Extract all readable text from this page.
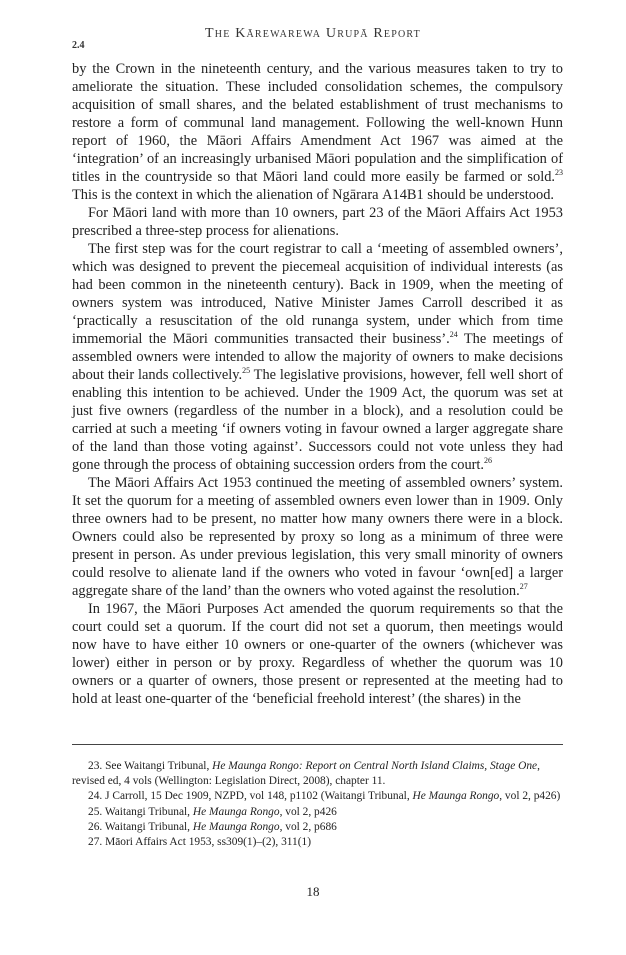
The Kārewarewa Urupā Report
2.4

by the Crown in the nineteenth century, and the various measures taken to try to ameliorate the situation. These included consolidation schemes, the compulsory acquisition of small shares, and the belated establishment of trust mechanisms to restore a form of communal land management. Following the well-known Hunn report of 1960, the Māori Affairs Amendment Act 1967 was aimed at the ‘integration’ of an increasingly urbanised Māori population and the simplification of titles in the countryside so that Māori land could more easily be farmed or sold.$^{23}$ This is the context in which the alienation of Ngārara A14B1 should be understood.

For Māori land with more than 10 owners, part 23 of the Māori Affairs Act 1953 prescribed a three-step process for alienations.

The first step was for the court registrar to call a ‘meeting of assembled owners’, which was designed to prevent the piecemeal acquisition of individual interests (as had been common in the nineteenth century). Back in 1909, when the meeting of owners system was introduced, Native Minister James Carroll described it as ‘practically a resuscitation of the old runanga system, under which from time immemorial the Māori communities transacted their business’.$^{24}$ The meetings of assembled owners were intended to allow the majority of owners to make decisions about their lands collectively.$^{25}$ The legislative provisions, however, fell well short of enabling this intention to be achieved. Under the 1909 Act, the quorum was set at just five owners (regardless of the number in a block), and a resolution could be carried at such a meeting ‘if owners voting in favour owned a larger aggregate share of the land than those voting against’. Successors could not vote unless they had gone through the process of obtaining succession orders from the court.$^{26}$

The Māori Affairs Act 1953 continued the meeting of assembled owners’ system. It set the quorum for a meeting of assembled owners even lower than in 1909. Only three owners had to be present, no matter how many owners there were in a block. Owners could also be represented by proxy so long as a minimum of three were present in person. As under previous legislation, this very small minority of owners could resolve to alienate land if the owners who voted in favour ‘own[ed] a larger aggregate share of the land’ than the owners who voted against the resolution.$^{27}$

In 1967, the Māori Purposes Act amended the quorum requirements so that the court could set a quorum. If the court did not set a quorum, then meetings would now have to have either 10 owners or one-quarter of the owners (whichever was lower) either in person or by proxy. Regardless of whether the quorum was 10 owners or a quarter of owners, those present or represented at the meeting had to hold at least one-quarter of the ‘beneficial freehold interest’ (the shares) in the

23. See Waitangi Tribunal, He Maunga Rongo: Report on Central North Island Claims, Stage One, revised ed, 4 vols (Wellington: Legislation Direct, 2008), chapter 11.

24. J Carroll, 15 Dec 1909, NZPD, vol 148, p1102 (Waitangi Tribunal, He Maunga Rongo, vol 2, p426)

25. Waitangi Tribunal, He Maunga Rongo, vol 2, p426

26. Waitangi Tribunal, He Maunga Rongo, vol 2, p686

27. Māori Affairs Act 1953, ss309(1)–(2), 311(1)

18
